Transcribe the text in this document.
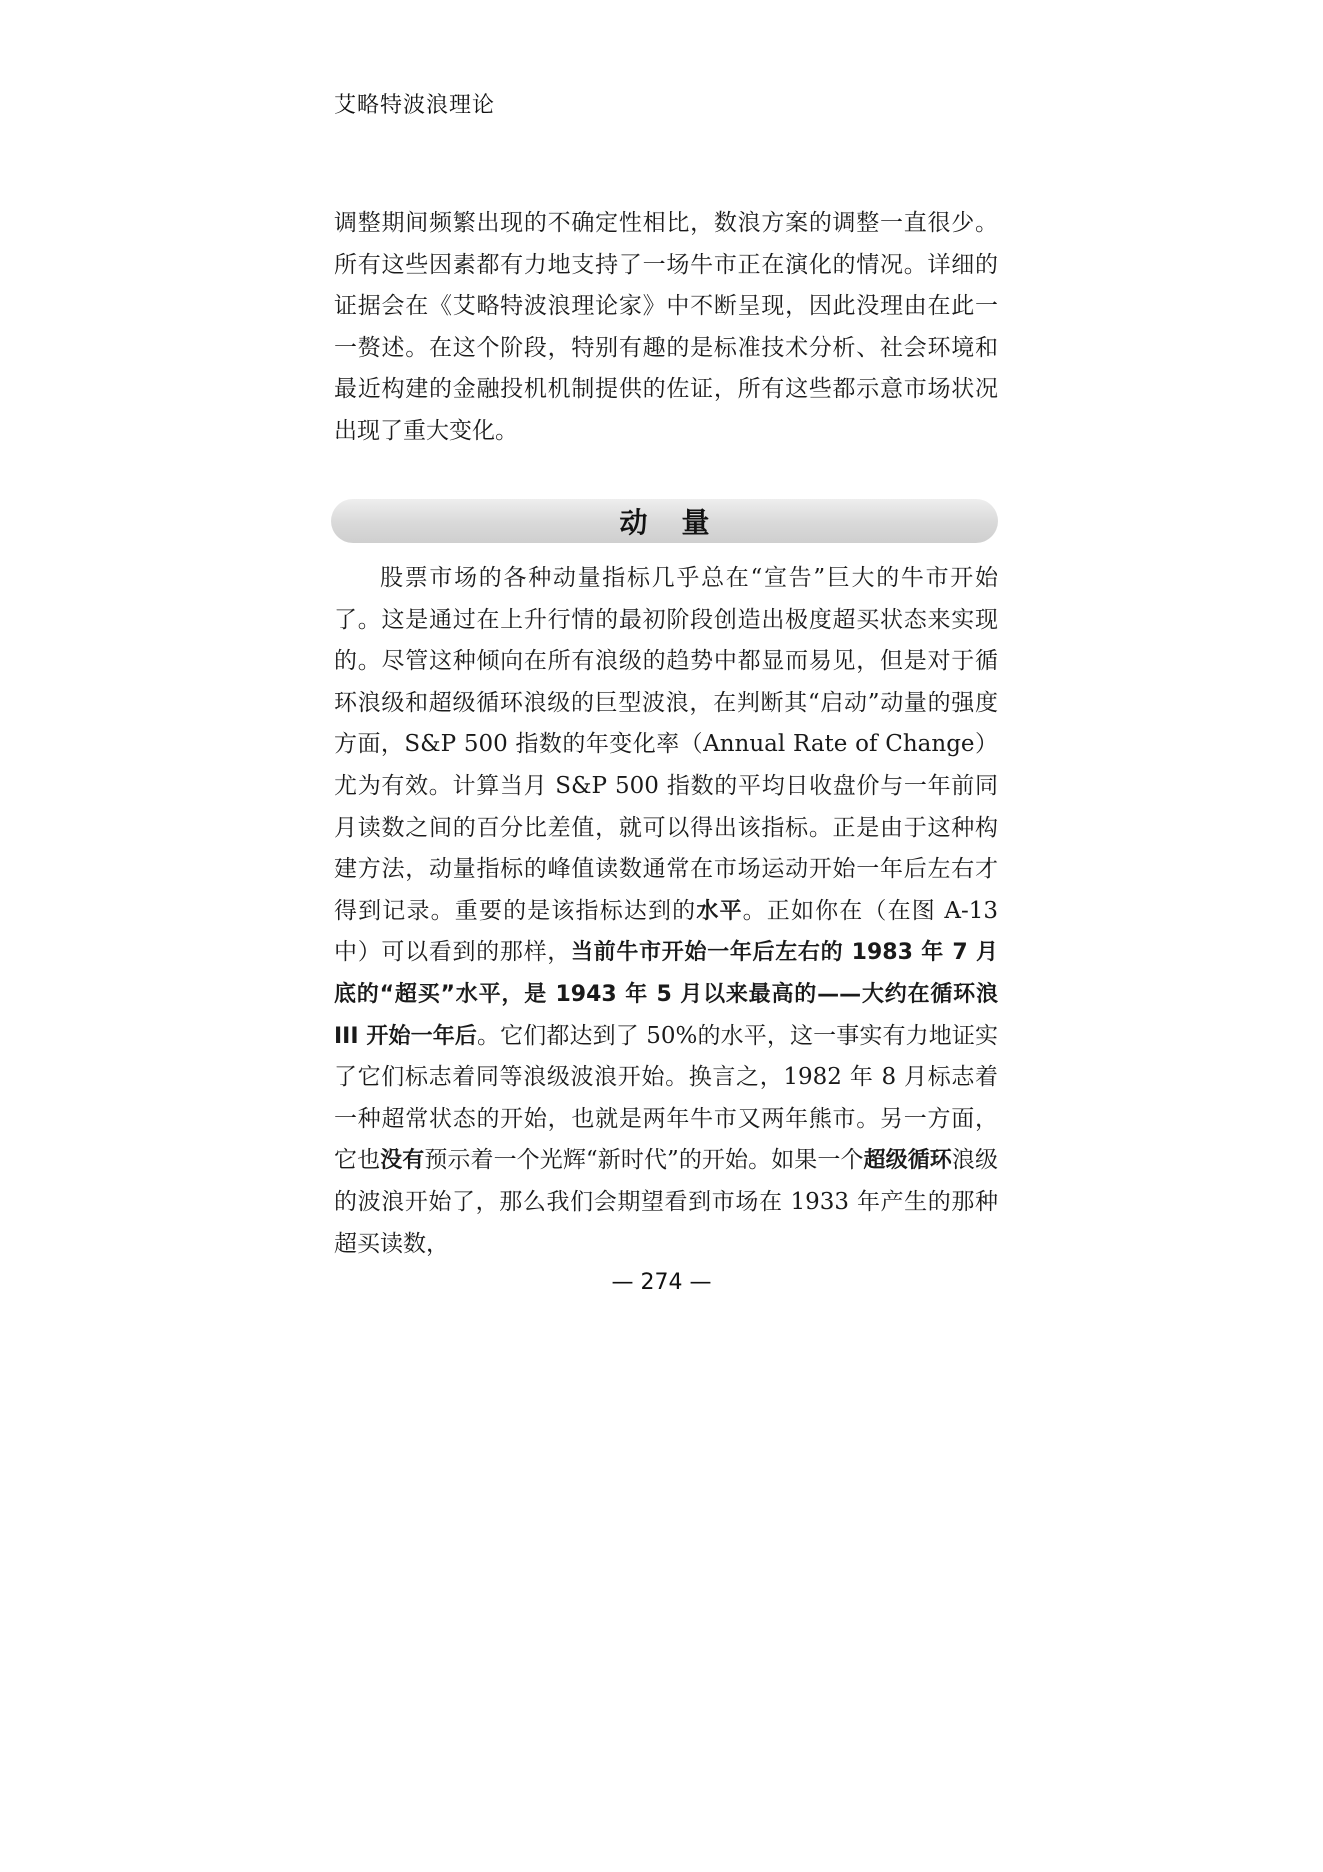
艾略特波浪理论
调整期间频繁出现的不确定性相比，数浪方案的调整一直很少。所有这些因素都有力地支持了一场牛市正在演化的情况。详细的证据会在《艾略特波浪理论家》中不断呈现，因此没理由在此一一赘述。在这个阶段，特别有趣的是标准技术分析、社会环境和最近构建的金融投机机制提供的佐证，所有这些都示意市场状况出现了重大变化。
动量
股票市场的各种动量指标几乎总在“宣告”巨大的牛市开始了。这是通过在上升行情的最初阶段创造出极度超买状态来实现的。尽管这种倾向在所有浪级的趋势中都显而易见，但是对于循环浪级和超级循环浪级的巨型波浪，在判断其“启动”动量的强度方面，S&P 500 指数的年变化率（Annual Rate of Change）尤为有效。计算当月 S&P 500 指数的平均日收盘价与一年前同月读数之间的百分比差值，就可以得出该指标。正是由于这种构建方法，动量指标的峰值读数通常在市场运动开始一年后左右才得到记录。重要的是该指标达到的水平。正如你在（在图 A-13 中）可以看到的那样，当前牛市开始一年后左右的 1983 年 7 月底的“超买”水平，是 1943 年 5 月以来最高的——大约在循环浪 III 开始一年后。它们都达到了 50%的水平，这一事实有力地证实了它们标志着同等浪级波浪开始。换言之，1982 年 8 月标志着一种超常状态的开始，也就是两年牛市又两年熊市。另一方面，它也没有预示着一个光辉“新时代”的开始。如果一个超级循环浪级的波浪开始了，那么我们会期望看到市场在 1933 年产生的那种超买读数，
— 274 —
